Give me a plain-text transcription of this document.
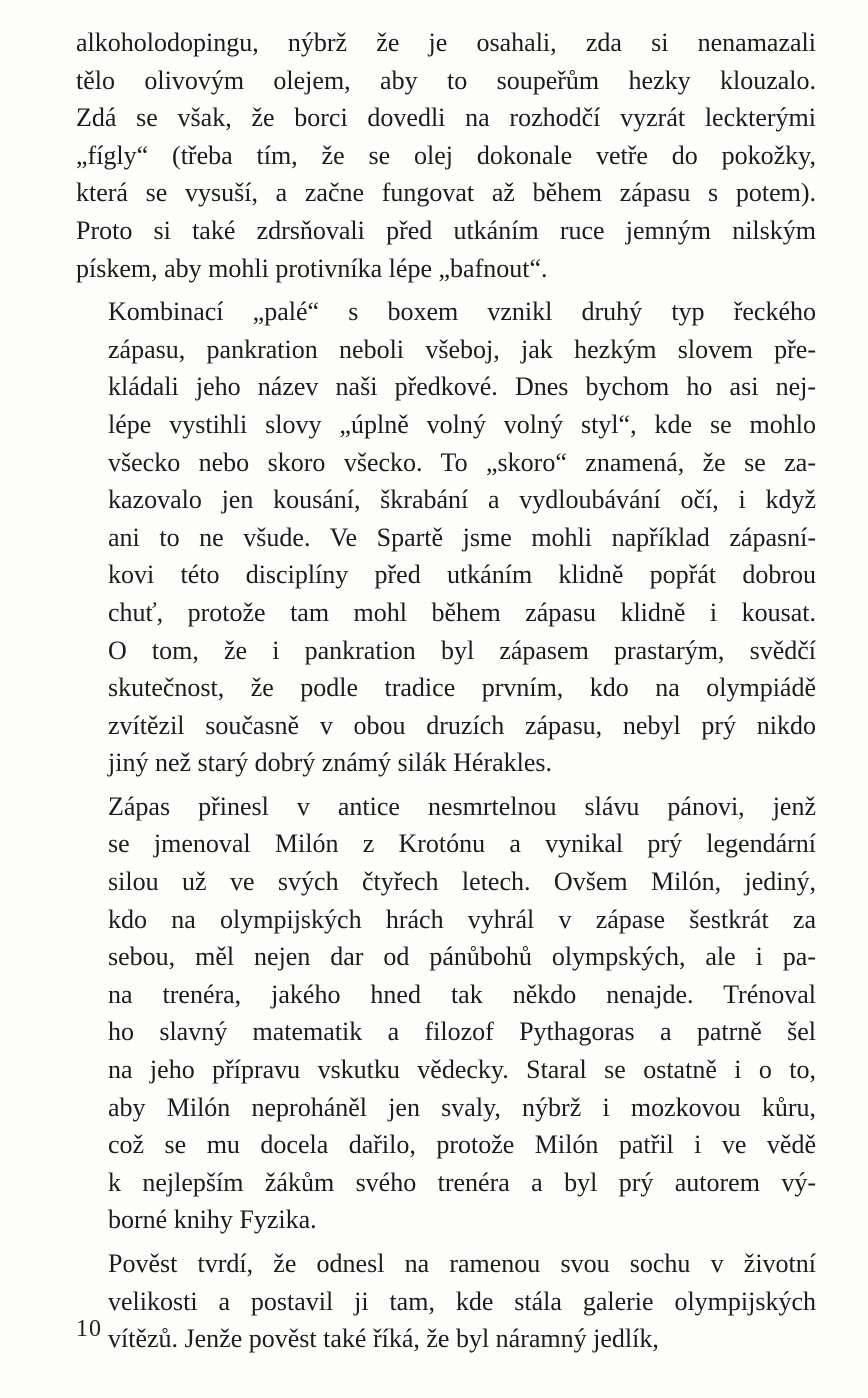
alkoholodopingu, nýbrž že je osahali, zda si nenamazali
tělo olivovým olejem, aby to soupeřům hezky klouzalo.
Zdá se však, že borci dovedli na rozhodčí vyzrát leckterými
„fígly“ (třeba tím, že se olej dokonale vetře do pokožky,
která se vysuší, a začne fungovat až během zápasu s potem).
Proto si také zdrsňovali před utkáním ruce jemným nilským
pískem, aby mohli protivníka lépe „bafnout“.
Kombinací „palé“ s boxem vznikl druhý typ řeckého
zápasu, pankration neboli všeboj, jak hezkým slovem pře-
kládali jeho název naši předkové. Dnes bychom ho asi nej-
lépe vystihli slovy „úplně volný volný styl“, kde se mohlo
všecko nebo skoro všecko. To „skoro“ znamená, že se za-
kazovalo jen kousání, škrabání a vydloubávání očí, i když
ani to ne všude. Ve Spartě jsme mohli například zápasní-
kovi této disciplíny před utkáním klidně popřát dobrou
chuť, protože tam mohl během zápasu klidně i kousat.
O tom, že i pankration byl zápasem prastarým, svědčí
skutečnost, že podle tradice prvním, kdo na olympiádě
zvítězil současně v obou druzích zápasu, nebyl prý nikdo
jiný než starý dobrý známý silák Hérakles.
Zápas přinesl v antice nesmrtelnou slávu pánovi, jenž
se jmenoval Milón z Krotónu a vynikal prý legendární
silou už ve svých čtyřech letech. Ovšem Milón, jediný,
kdo na olympijských hrách vyhrál v zápase šestkrát za
sebou, měl nejen dar od pánůbohů olympských, ale i pa-
na trenéra, jakého hned tak někdo nenajde. Trénoval
ho slavný matematik a filozof Pythagoras a patrně šel
na jeho přípravu vskutku vědecky. Staral se ostatně i o to,
aby Milón neproháněl jen svaly, nýbrž i mozkovou kůru,
což se mu docela dařilo, protože Milón patřil i ve vědě
k nejlepším žákům svého trenéra a byl prý autorem vý-
borné knihy Fyzika.
Pověst tvrdí, že odnesl na ramenou svou sochu v životní
velikosti a postavil ji tam, kde stála galerie olympijských
vítězů. Jenže pověst také říká, že byl náramný jedlík,
10
